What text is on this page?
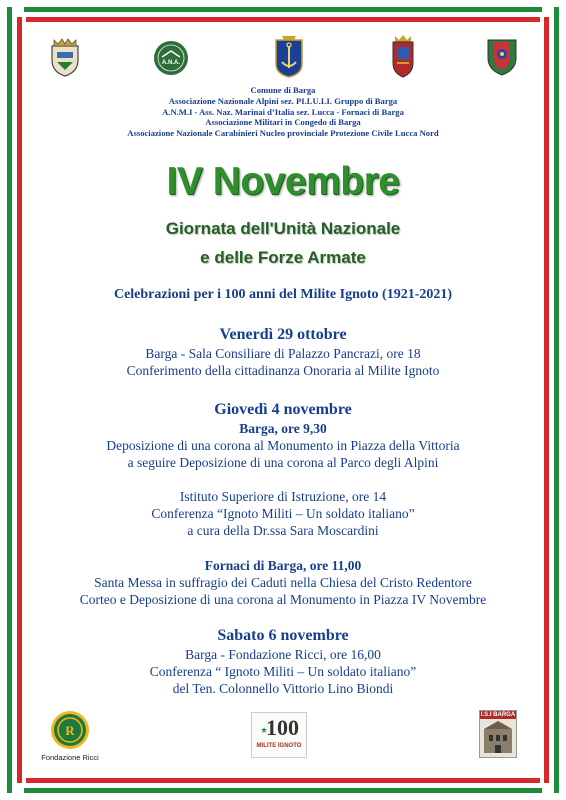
A.N.A.
Comune di Barga
Associazione Nazionale Alpini sez. PI.LU.LI. Gruppo di Barga
A.N.M.I - Ass. Naz. Marinai d’Italia sez. Lucca - Fornaci di Barga
Associazione Militari in Congedo di Barga
Associazione Nazionale Carabinieri Nucleo provinciale Protezione Civile Lucca Nord
IV Novembre
Giornata dell'Unità Nazionale
e delle Forze Armate
Celebrazioni per i 100 anni del Milite Ignoto (1921-2021)
Venerdì 29 ottobre
Barga - Sala Consiliare di Palazzo Pancrazi, ore 18
Conferimento della cittadinanza Onoraria al Milite Ignoto
Giovedì 4 novembre
Barga, ore 9,30
Deposizione di una corona al Monumento in Piazza della Vittoria
a seguire Deposizione di una corona al Parco degli Alpini
Istituto Superiore di Istruzione, ore 14
Conferenza “Ignoto Militi – Un soldato italiano”
a cura della Dr.ssa Sara Moscardini
Fornaci di Barga, ore 11,00
Santa Messa in suffragio dei Caduti nella Chiesa del Cristo Redentore
Corteo e Deposizione di una corona al Monumento in Piazza IV Novembre
Sabato 6 novembre
Barga - Fondazione Ricci, ore 16,00
Conferenza “ Ignoto Militi – Un soldato italiano”
del Ten. Colonnello Vittorio Lino Biondi
R
Fondazione Ricci
100
MILITE IGNOTO
I.S.I BARGA
